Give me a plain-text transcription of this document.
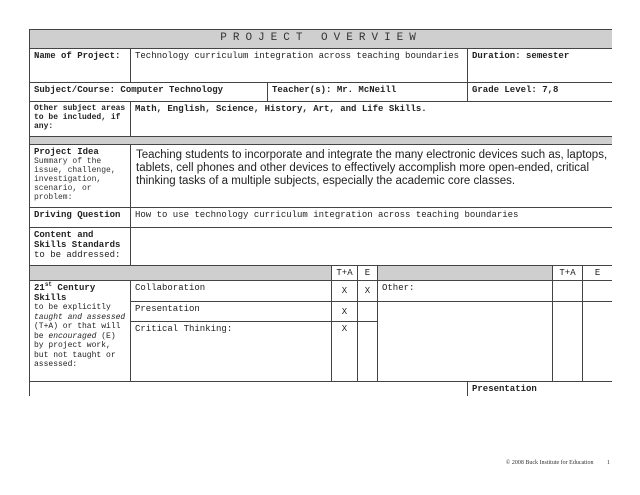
PROJECT OVERVIEW								
Name of Project:	Technology curriculum integration across teaching boundaries					Duration: semester		
Subject/Course: Computer Technology		Teacher(s): Mr. McNeill				Grade Level: 7,8		
Other subject areas to be included, if any:	Math, English, Science, History, Art, and Life Skills.							

Project Idea
Summary of the issue, challenge, investigation, scenario, or problem:	Teaching students to incorporate and integrate the many electronic devices such as, laptops, tablets, cell phones and other devices to effectively accomplish more open-ended, critical thinking tasks of a multiple subjects, especially the academic core classes.							
Driving Question	How to use technology curriculum integration across teaching boundaries							

Content and Skills Standards
to be addressed:								

			T+A	E			T+A	E

21st Century Skills
to be explicitly taught and assessed (T+A) or that will be encouraged (E) by project work, but not taught or assessed:	Collaboration		X	X	Other:			
	Presentation		X					
	Critical Thinking:		X					
						Presentation		
© 2008 Buck Institute for Education 1
